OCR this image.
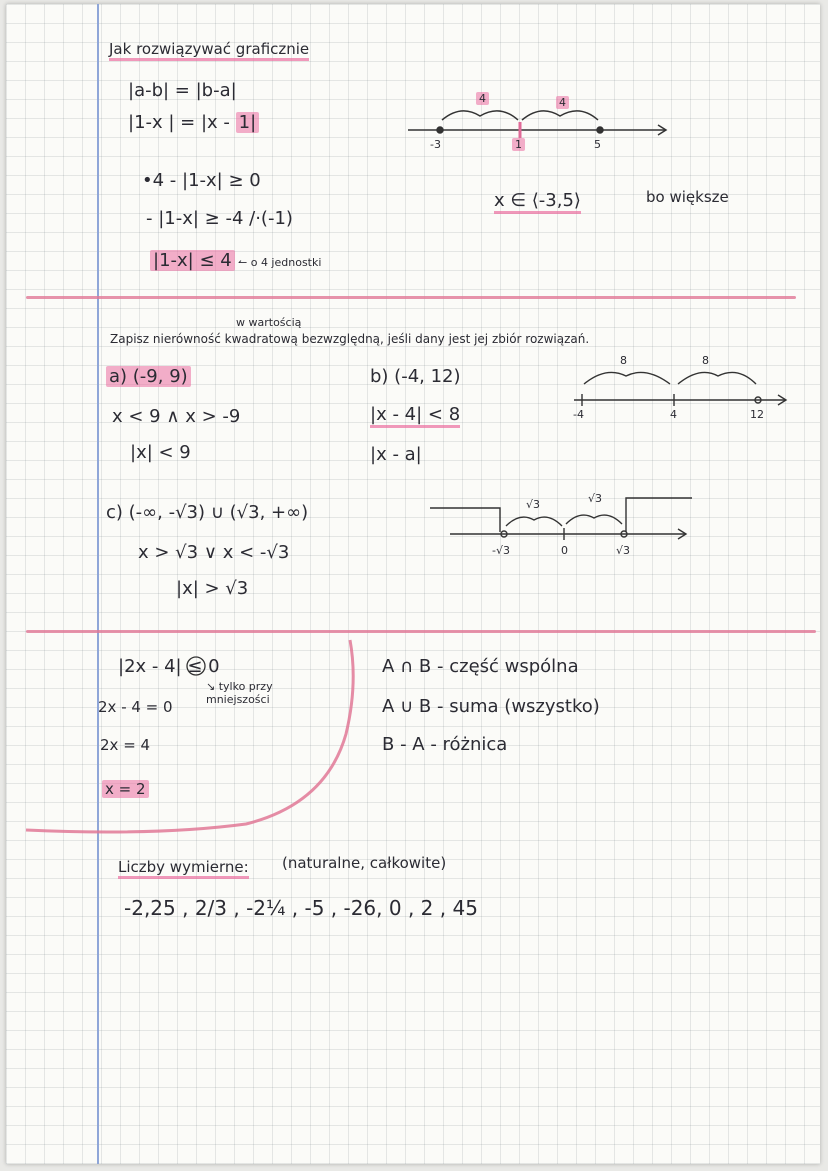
Jak rozwiązywać graficznie
|a-b| = |b-a|
|1-x | = |x - 1|
•4 - |1-x| ≥ 0
- |1-x| ≥ -4 /·(-1)
|1-x| ≤ 4 ↼ o 4 jednostki
x ∈ ⟨-3,5⟩	bo większe
-3	1	5
4	4
w wartością
Zapisz nierówność kwadratową bezwzględną, jeśli dany jest jej zbiór rozwiązań.
a) (-9, 9)
x < 9 ∧ x > -9
|x| < 9
b) (-4, 12)
|x - 4| < 8
|x - a|
-4	4	12
8	8
c) (-∞, -√3) ∪ (√3, +∞)
x > √3 ∨ x < -√3
|x| > √3
-√3	0	√3
√3	√3
|2x - 4| ≤ 0
↘ tylko przy mniejszości
2x - 4 = 0
2x = 4
x = 2
A ∩ B - część wspólna
A ∪ B - suma (wszystko)
B - A - różnica
Liczby wymierne: (naturalne, całkowite)
-2,25 , 2/3 , -2¼ , -5 , -26, 0 , 2 , 45
